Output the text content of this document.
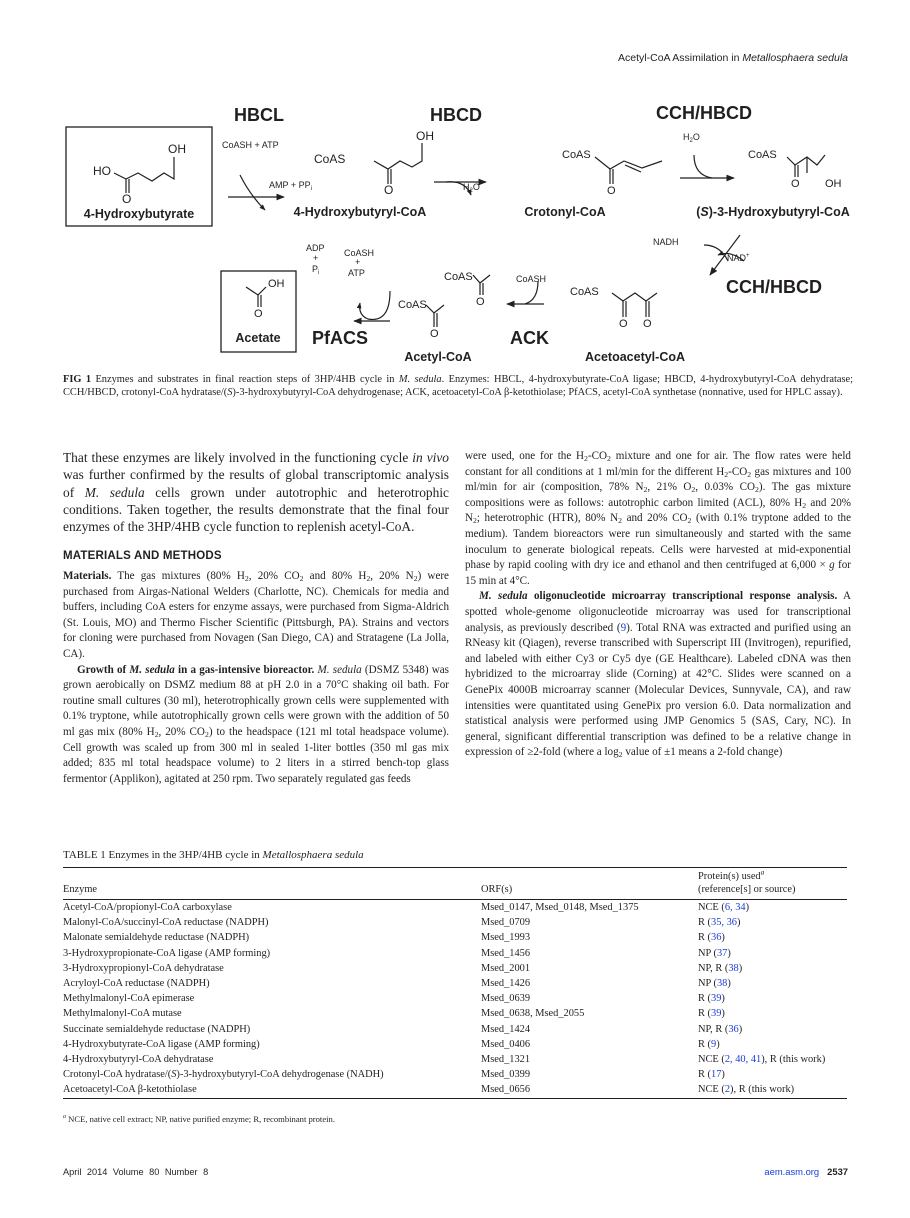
Acetyl-CoA Assimilation in Metallosphaera sedula
HBCL	HBCD	CCH/HBCD
CCH/HBCD
PfACS	ACK
4-Hydroxybutyrate	4-Hydroxybutyryl-CoA	Crotonyl-CoA	(S)-3-Hydroxybutyryl-CoA
Acetoacetyl-CoA
Acetyl-CoA
Acetate
HO
OH
O
CoAS
OH
O
CoAS
O
CoAS
O OH
CoAS
O O
CoAS
O
CoAS
O
OH
O
CoASH + ATP
AMP + $PP_i$	$H_2O$
$H_2O$
NADH
NAD+
CoASH
ADP
+
$P_i$
CoASH
+
ATP
FIG 1 Enzymes and substrates in final reaction steps of 3HP/4HB cycle in M. sedula. Enzymes: HBCL, 4-hydroxybutyrate-CoA ligase; HBCD, 4-hydroxybutyryl-CoA dehydratase; CCH/HBCD, crotonyl-CoA hydratase/(S)-3-hydroxybutyryl-CoA dehydrogenase; ACK, acetoacetyl-CoA β-ketothiolase; PfACS, acetyl-CoA synthetase (nonnative, used for HPLC assay).

That these enzymes are likely involved in the functioning cycle in vivo was further confirmed by the results of global transcriptomic analysis of M. sedula cells grown under autotrophic and heterotrophic conditions. Taken together, the results demonstrate that the final four enzymes of the 3HP/4HB cycle function to replenish acetyl-CoA.

MATERIALS AND METHODS

Materials. The gas mixtures (80% $H_2$, 20% $CO_2$ and 80% $H_2$, 20% $N_2$) were purchased from Airgas-National Welders (Charlotte, NC). Chemicals for media and buffers, including CoA esters for enzyme assays, were purchased from Sigma-Aldrich (St. Louis, MO) and Thermo Fischer Scientific (Pittsburgh, PA). Strains and vectors for cloning were purchased from Novagen (San Diego, CA) and Stratagene (La Jolla, CA).

Growth of M. sedula in a gas-intensive bioreactor. M. sedula (DSMZ 5348) was grown aerobically on DSMZ medium 88 at pH 2.0 in a 70°C shaking oil bath. For routine small cultures (30 ml), heterotrophically grown cells were supplemented with 0.1% tryptone, while autotrophically grown cells were grown with the addition of 50 ml gas mix (80% $H_2$, 20% $CO_2$) to the headspace (121 ml total headspace volume). Cell growth was scaled up from 300 ml in sealed 1-liter bottles (350 ml gas mix added; 835 ml total headspace volume) to 2 liters in a stirred bench-top glass fermentor (Applikon), agitated at 250 rpm. Two separately regulated gas feeds

were used, one for the $H_2-CO_2$ mixture and one for air. The flow rates were held constant for all conditions at 1 ml/min for the different $H_2-CO_2$ gas mixtures and 100 ml/min for air (composition, 78% $N_2$, 21% $O_2$, 0.03% $CO_2$). The gas mixture compositions were as follows: autotrophic carbon limited (ACL), 80% $H_2$ and 20% $N_2$; heterotrophic (HTR), 80% $N_2$ and 20% $CO_2$ (with 0.1% tryptone added to the medium). Tandem bioreactors were run simultaneously and started with the same inoculum to generate biological repeats. Cells were harvested at mid-exponential phase by rapid cooling with dry ice and ethanol and then centrifuged at 6,000 × g for 15 min at 4°C.

M. sedula oligonucleotide microarray transcriptional response analysis. A spotted whole-genome oligonucleotide microarray was used for transcriptional analysis, as previously described (9). Total RNA was extracted and purified using an RNeasy kit (Qiagen), reverse transcribed with Superscript III (Invitrogen), repurified, and labeled with either Cy3 or Cy5 dye (GE Healthcare). Labeled cDNA was then hybridized to the microarray slide (Corning) at 42°C. Slides were scanned on a GenePix 4000B microarray scanner (Molecular Devices, Sunnyvale, CA), and raw intensities were quantitated using GenePix pro version 6.0. Data normalization and statistical analysis were performed using JMP Genomics 5 (SAS, Cary, NC). In general, significant differential transcription was defined to be a relative change in expression of ≥2-fold (where a $\log_2$ value of ±1 means a 2-fold change)

TABLE 1 Enzymes in the 3HP/4HB cycle in Metallosphaera sedula
Enzyme	ORF(s)	Protein(s) used$^a$
(reference[s] or source)
Acetyl-CoA/propionyl-CoA carboxylase	Msed_0147, Msed_0148, Msed_1375	NCE (6, 34)
Malonyl-CoA/succinyl-CoA reductase (NADPH)	Msed_0709	R (35, 36)
Malonate semialdehyde reductase (NADPH)	Msed_1993	R (36)
3-Hydroxypropionate-CoA ligase (AMP forming)	Msed_1456	NP (37)
3-Hydroxypropionyl-CoA dehydratase	Msed_2001	NP, R (38)
Acryloyl-CoA reductase (NADPH)	Msed_1426	NP (38)
Methylmalonyl-CoA epimerase	Msed_0639	R (39)
Methylmalonyl-CoA mutase	Msed_0638, Msed_2055	R (39)
Succinate semialdehyde reductase (NADPH)	Msed_1424	NP, R (36)
4-Hydroxybutyrate-CoA ligase (AMP forming)	Msed_0406	R (9)
4-Hydroxybutyryl-CoA dehydratase	Msed_1321	NCE (2, 40, 41), R (this work)
Crotonyl-CoA hydratase/(S)-3-hydroxybutyryl-CoA dehydrogenase (NADH)	Msed_0399	R (17)
Acetoacetyl-CoA β-ketothiolase	Msed_0656	NCE (2), R (this work)
$^a$ NCE, native cell extract; NP, native purified enzyme; R, recombinant protein.
April 2014 Volume 80 Number 8	aem.asm.org 2537
